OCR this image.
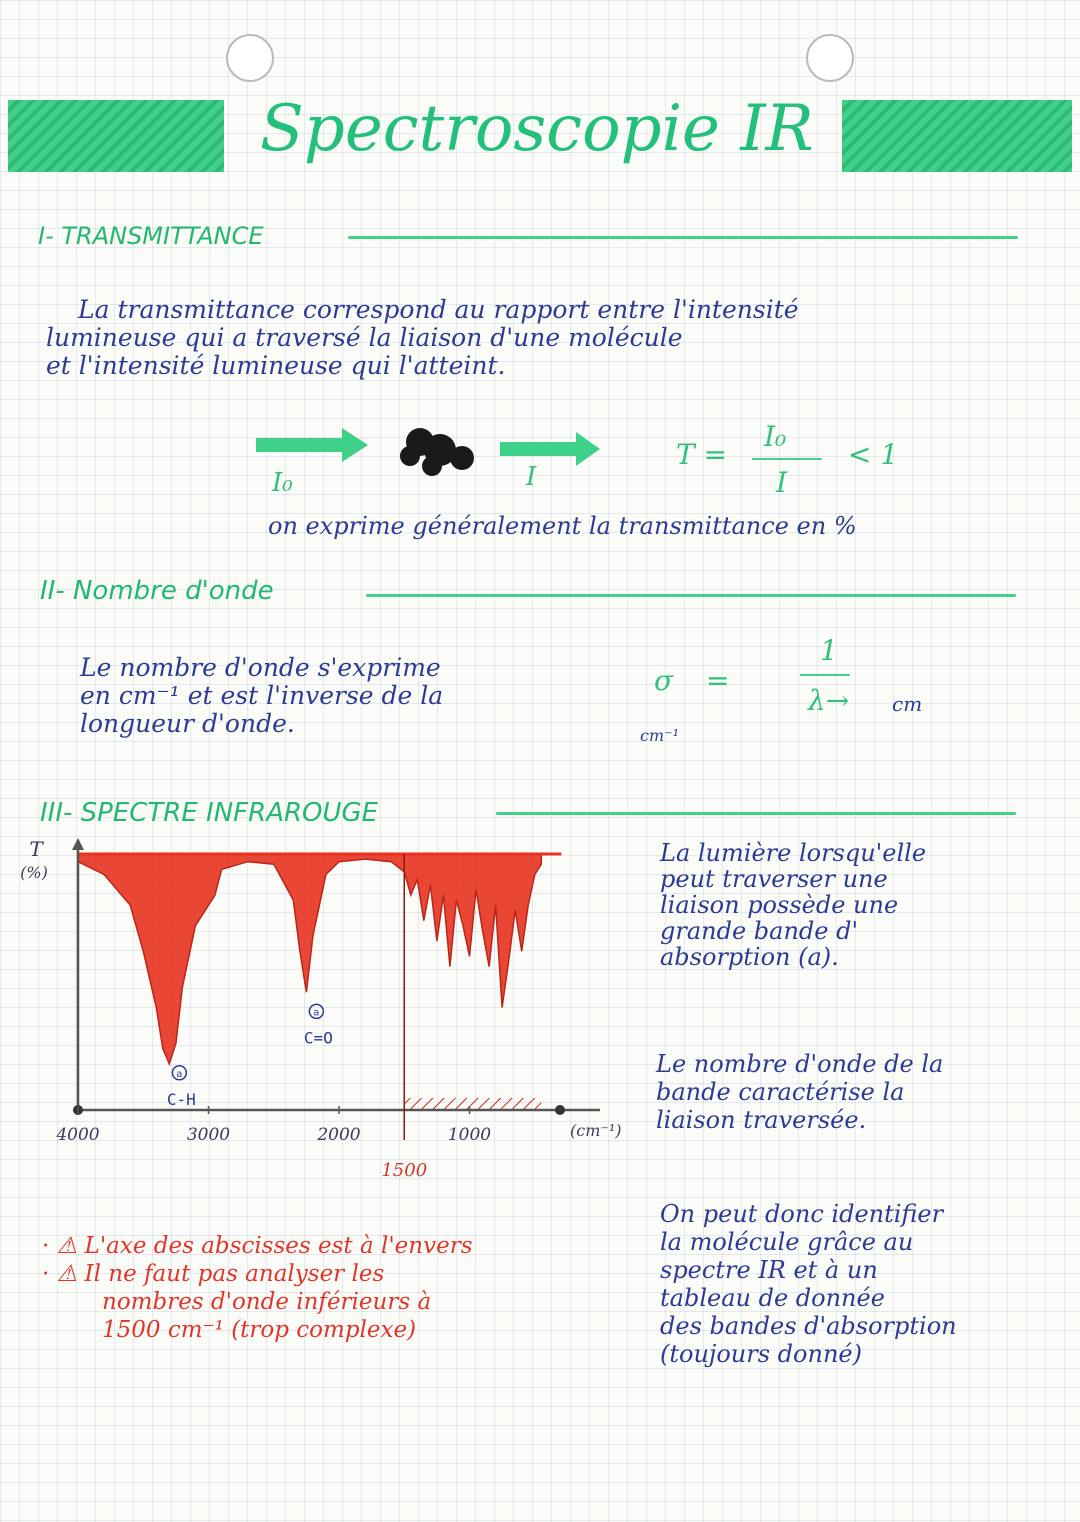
Spectroscopie IR
I- TRANSMITTANCE
La transmittance correspond au rapport entre l'intensité
lumineuse qui a traversé la liaison d'une molécule
et l'intensité lumineuse qui l'atteint.
I₀	I
T =
I₀
I
< 1
on exprime généralement la transmittance en %
II- Nombre d'onde
Le nombre d'onde s'exprime
en cm⁻¹ et est l'inverse de la
longueur d'onde.
σ =
1
λ→ cm
cm⁻¹
III- SPECTRE INFRAROUGE
4000	3000	2000	1000
1500
(cm⁻¹)
T
(%)
a
C-H
a
C=O
La lumière lorsqu'elle
peut traverser une
liaison possède une
grande bande d'
absorption (a).
Le nombre d'onde de la
bande caractérise la
liaison traversée.
On peut donc identifier
la molécule grâce au
spectre IR et à un
tableau de donnée
des bandes d'absorption
(toujours donné)
· ⚠ L'axe des abscisses est à l'envers
· ⚠ Il ne faut pas analyser les
nombres d'onde inférieurs à
1500 cm⁻¹ (trop complexe)
